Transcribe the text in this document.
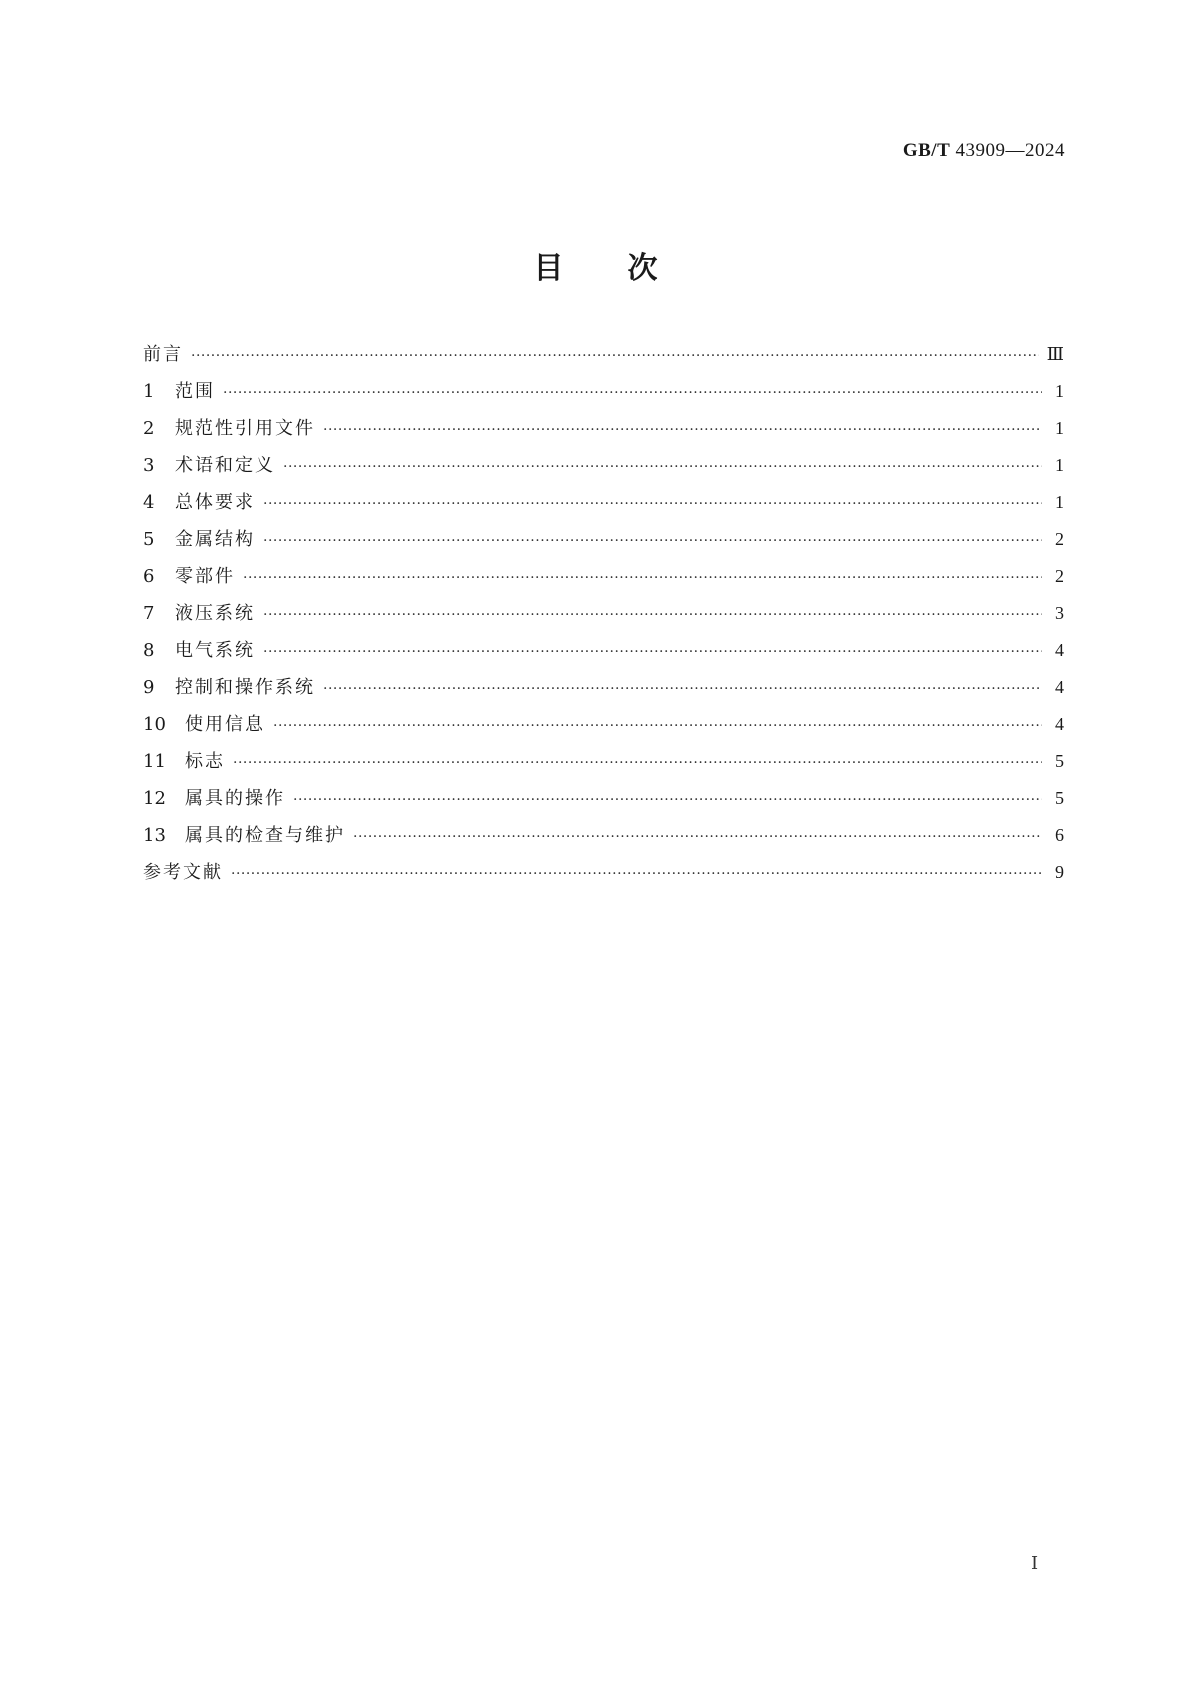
GB/T 43909—2024
目次
前言 ·····	Ⅲ
1	范围 ·····	1
2	规范性引用文件 ·····	1
3	术语和定义 ·····	1
4	总体要求 ·····	1
5	金属结构 ·····	2
6	零部件 ·····	2
7	液压系统 ·····	3
8	电气系统 ·····	4
9	控制和操作系统 ·····	4
10	使用信息 ·····	4
11	标志 ·····	5
12	属具的操作 ·····	5
13	属具的检查与维护 ·····	6
参考文献 ·····	9
Ⅰ
